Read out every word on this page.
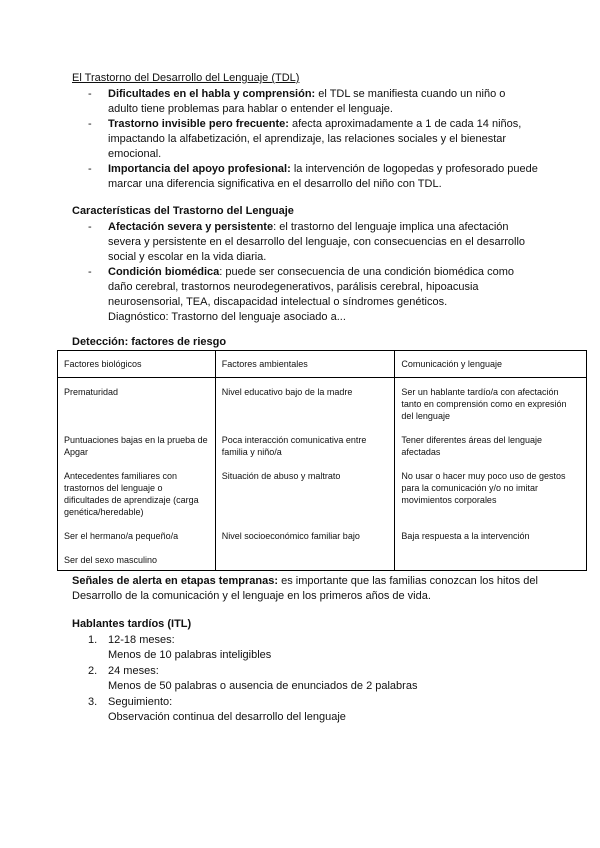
El Trastorno del Desarrollo del Lenguaje (TDL)
- Dificultades en el habla y comprensión: el TDL se manifiesta cuando un niño o adulto tiene problemas para hablar o entender el lenguaje.
- Trastorno invisible pero frecuente: afecta aproximadamente a 1 de cada 14 niños, impactando la alfabetización, el aprendizaje, las relaciones sociales y el bienestar emocional.
- Importancia del apoyo profesional: la intervención de logopedas y profesorado puede marcar una diferencia significativa en el desarrollo del niño con TDL.
Características del Trastorno del Lenguaje
- Afectación severa y persistente: el trastorno del lenguaje implica una afectación severa y persistente en el desarrollo del lenguaje, con consecuencias en el desarrollo social y escolar en la vida diaria.
- Condición biomédica: puede ser consecuencia de una condición biomédica como daño cerebral, trastornos neurodegenerativos, parálisis cerebral, hipoacusia neurosensorial, TEA, discapacidad intelectual o síndromes genéticos.
Diagnóstico: Trastorno del lenguaje asociado a...
Detección: factores de riesgo
Factores biológicos	Factores ambientales	Comunicación y lenguaje
Prematuridad	Nivel educativo bajo de la madre	Ser un hablante tardío/a con afectación tanto en comprensión como en expresión del lenguaje
Puntuaciones bajas en la prueba de Apgar	Poca interacción comunicativa entre familia y niño/a	Tener diferentes áreas del lenguaje afectadas
Antecedentes familiares con trastornos del lenguaje o dificultades de aprendizaje (carga genética/heredable)	Situación de abuso y maltrato	No usar o hacer muy poco uso de gestos para la comunicación y/o no imitar movimientos corporales
Ser el hermano/a pequeño/a	Nivel socioeconómico familiar bajo	Baja respuesta a la intervención
Ser del sexo masculino		
Señales de alerta en etapas tempranas: es importante que las familias conozcan los hitos del Desarrollo de la comunicación y el lenguaje en los primeros años de vida.
Hablantes tardíos (ITL)
1. 12-18 meses:
Menos de 10 palabras inteligibles
2. 24 meses:
Menos de 50 palabras o ausencia de enunciados de 2 palabras
3. Seguimiento:
Observación continua del desarrollo del lenguaje
